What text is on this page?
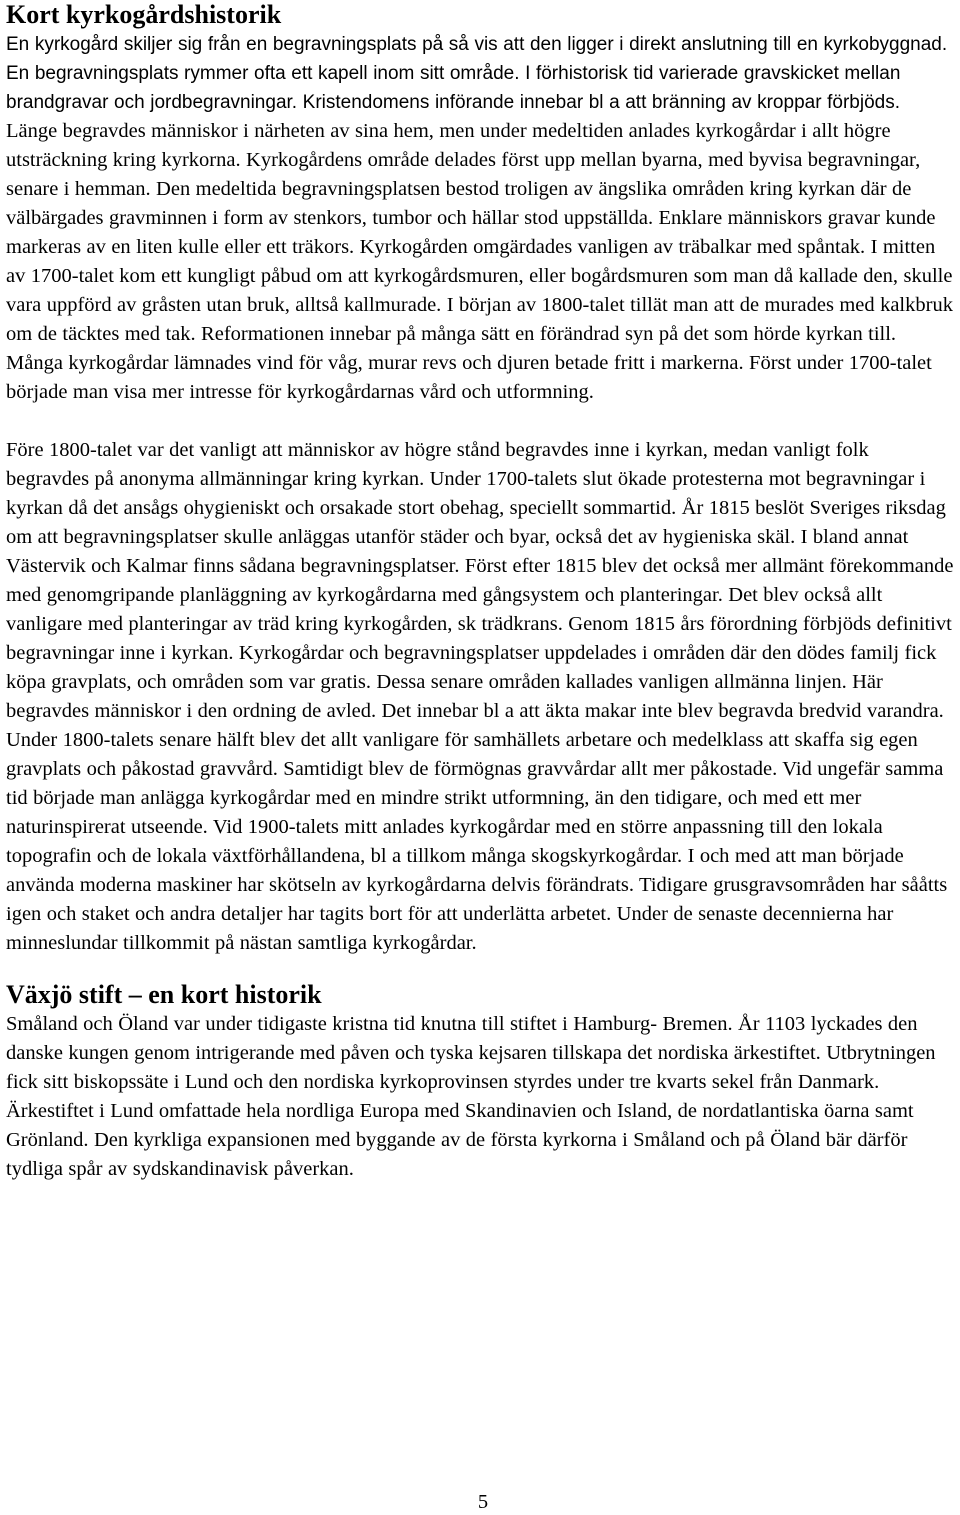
Kort kyrkogårdshistorik

En kyrkogård skiljer sig från en begravningsplats på så vis att den ligger i direkt anslutning till en kyrkobyggnad. En begravningsplats rymmer ofta ett kapell inom sitt område. I förhistorisk tid varierade gravskicket mellan brandgravar och jordbegravningar. Kristendomens införande innebar bl a att bränning av kroppar förbjöds. Länge begravdes människor i närheten av sina hem, men under medeltiden anlades kyrkogårdar i allt högre utsträckning kring kyrkorna. Kyrkogårdens område delades först upp mellan byarna, med byvisa begravningar, senare i hemman. Den medeltida begravningsplatsen bestod troligen av ängslika områden kring kyrkan där de välbärgades gravminnen i form av stenkors, tumbor och hällar stod uppställda. Enklare människors gravar kunde markeras av en liten kulle eller ett träkors. Kyrkogården omgärdades vanligen av träbalkar med spåntak. I mitten av 1700-talet kom ett kungligt påbud om att kyrkogårdsmuren, eller bogårdsmuren som man då kallade den, skulle vara uppförd av gråsten utan bruk, alltså kallmurade. I början av 1800-talet tillät man att de murades med kalkbruk om de täcktes med tak. Reformationen innebar på många sätt en förändrad syn på det som hörde kyrkan till. Många kyrkogårdar lämnades vind för våg, murar revs och djuren betade fritt i markerna. Först under 1700-talet började man visa mer intresse för kyrkogårdarnas vård och utformning.

Före 1800-talet var det vanligt att människor av högre stånd begravdes inne i kyrkan, medan vanligt folk begravdes på anonyma allmänningar kring kyrkan. Under 1700-talets slut ökade protesterna mot begravningar i kyrkan då det ansågs ohygieniskt och orsakade stort obehag, speciellt sommartid. År 1815 beslöt Sveriges riksdag om att begravningsplatser skulle anläggas utanför städer och byar, också det av hygieniska skäl. I bland annat Västervik och Kalmar finns sådana begravningsplatser. Först efter 1815 blev det också mer allmänt förekommande med genomgripande planläggning av kyrkogårdarna med gångsystem och planteringar. Det blev också allt vanligare med planteringar av träd kring kyrkogården, sk trädkrans. Genom 1815 års förordning förbjöds definitivt begravningar inne i kyrkan. Kyrkogårdar och begravningsplatser uppdelades i områden där den dödes familj fick köpa gravplats, och områden som var gratis. Dessa senare områden kallades vanligen allmänna linjen. Här begravdes människor i den ordning de avled. Det innebar bl a att äkta makar inte blev begravda bredvid varandra. Under 1800-talets senare hälft blev det allt vanligare för samhällets arbetare och medelklass att skaffa sig egen gravplats och påkostad gravvård. Samtidigt blev de förmögnas gravvårdar allt mer påkostade. Vid ungefär samma tid började man anlägga kyrkogårdar med en mindre strikt utformning, än den tidigare, och med ett mer naturinspirerat utseende. Vid 1900-talets mitt anlades kyrkogårdar med en större anpassning till den lokala topografin och de lokala växtförhållandena, bl a tillkom många skogskyrkogårdar. I och med att man började använda moderna maskiner har skötseln av kyrkogårdarna delvis förändrats. Tidigare grusgravsområden har sååtts igen och staket och andra detaljer har tagits bort för att underlätta arbetet. Under de senaste decennierna har minneslundar tillkommit på nästan samtliga kyrkogårdar.

Växjö stift – en kort historik

Småland och Öland var under tidigaste kristna tid knutna till stiftet i Hamburg- Bremen. År 1103 lyckades den danske kungen genom intrigerande med påven och tyska kejsaren tillskapa det nordiska ärkestiftet. Utbrytningen fick sitt biskopssäte i Lund och den nordiska kyrkoprovinsen styrdes under tre kvarts sekel från Danmark. Ärkestiftet i Lund omfattade hela nordliga Europa med Skandinavien och Island, de nordatlantiska öarna samt Grönland. Den kyrkliga expansionen med byggande av de första kyrkorna i Småland och på Öland bär därför tydliga spår av sydskandinavisk påverkan.

5
